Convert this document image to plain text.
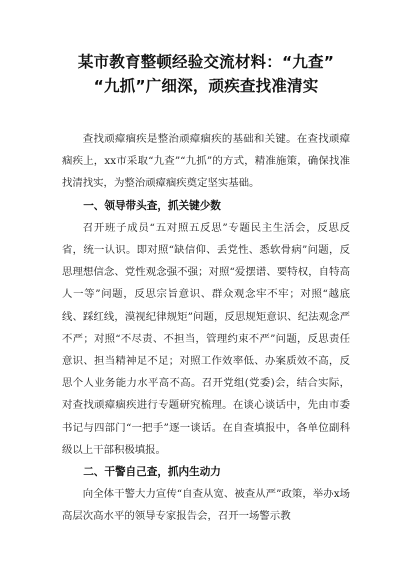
某市教育整顿经验交流材料：“九查”
“九抓”广细深，顽疾查找准清实

查找顽瘴痼疾是整治顽瘴痼疾的基础和关键。在查找顽瘴痼疾上，xx市采取“九查”“九抓”的方式，精准施策，确保找准找清找实，为整治顽瘴痼疾奠定坚实基础。

一、领导带头查，抓关键少数

召开班子成员“五对照五反思”专题民主生活会，反思反省，统一认识。即对照“缺信仰、丢党性、悉软骨病”问题，反思理想信念、党性观念强不强；对照“爱摆谱、要特权，自特高人一等”问题，反思宗旨意识、群众观念牢不牢；对照“越底线、踩红线，漠视纪律规矩”问题，反思规矩意识、纪法观念严不严；对照“不尽责、不担当，管理约束不严”问题，反思责任意识、担当精神足不足；对照工作效率低、办案质效不高，反思个人业务能力水平高不高。召开党组(党委)会，结合实际，对查找顽瘴痼疾进行专题研究梳理。在谈心谈话中，先由市委书记与四部门“一把手”逐一谈话。在自查填报中，各单位副科级以上干部积极填报。

二、干警自己查，抓内生动力

向全体干警大力宣传“自查从宽、被查从严”政策，举办x场高层次高水平的领导专家报告会，召开一场警示教
